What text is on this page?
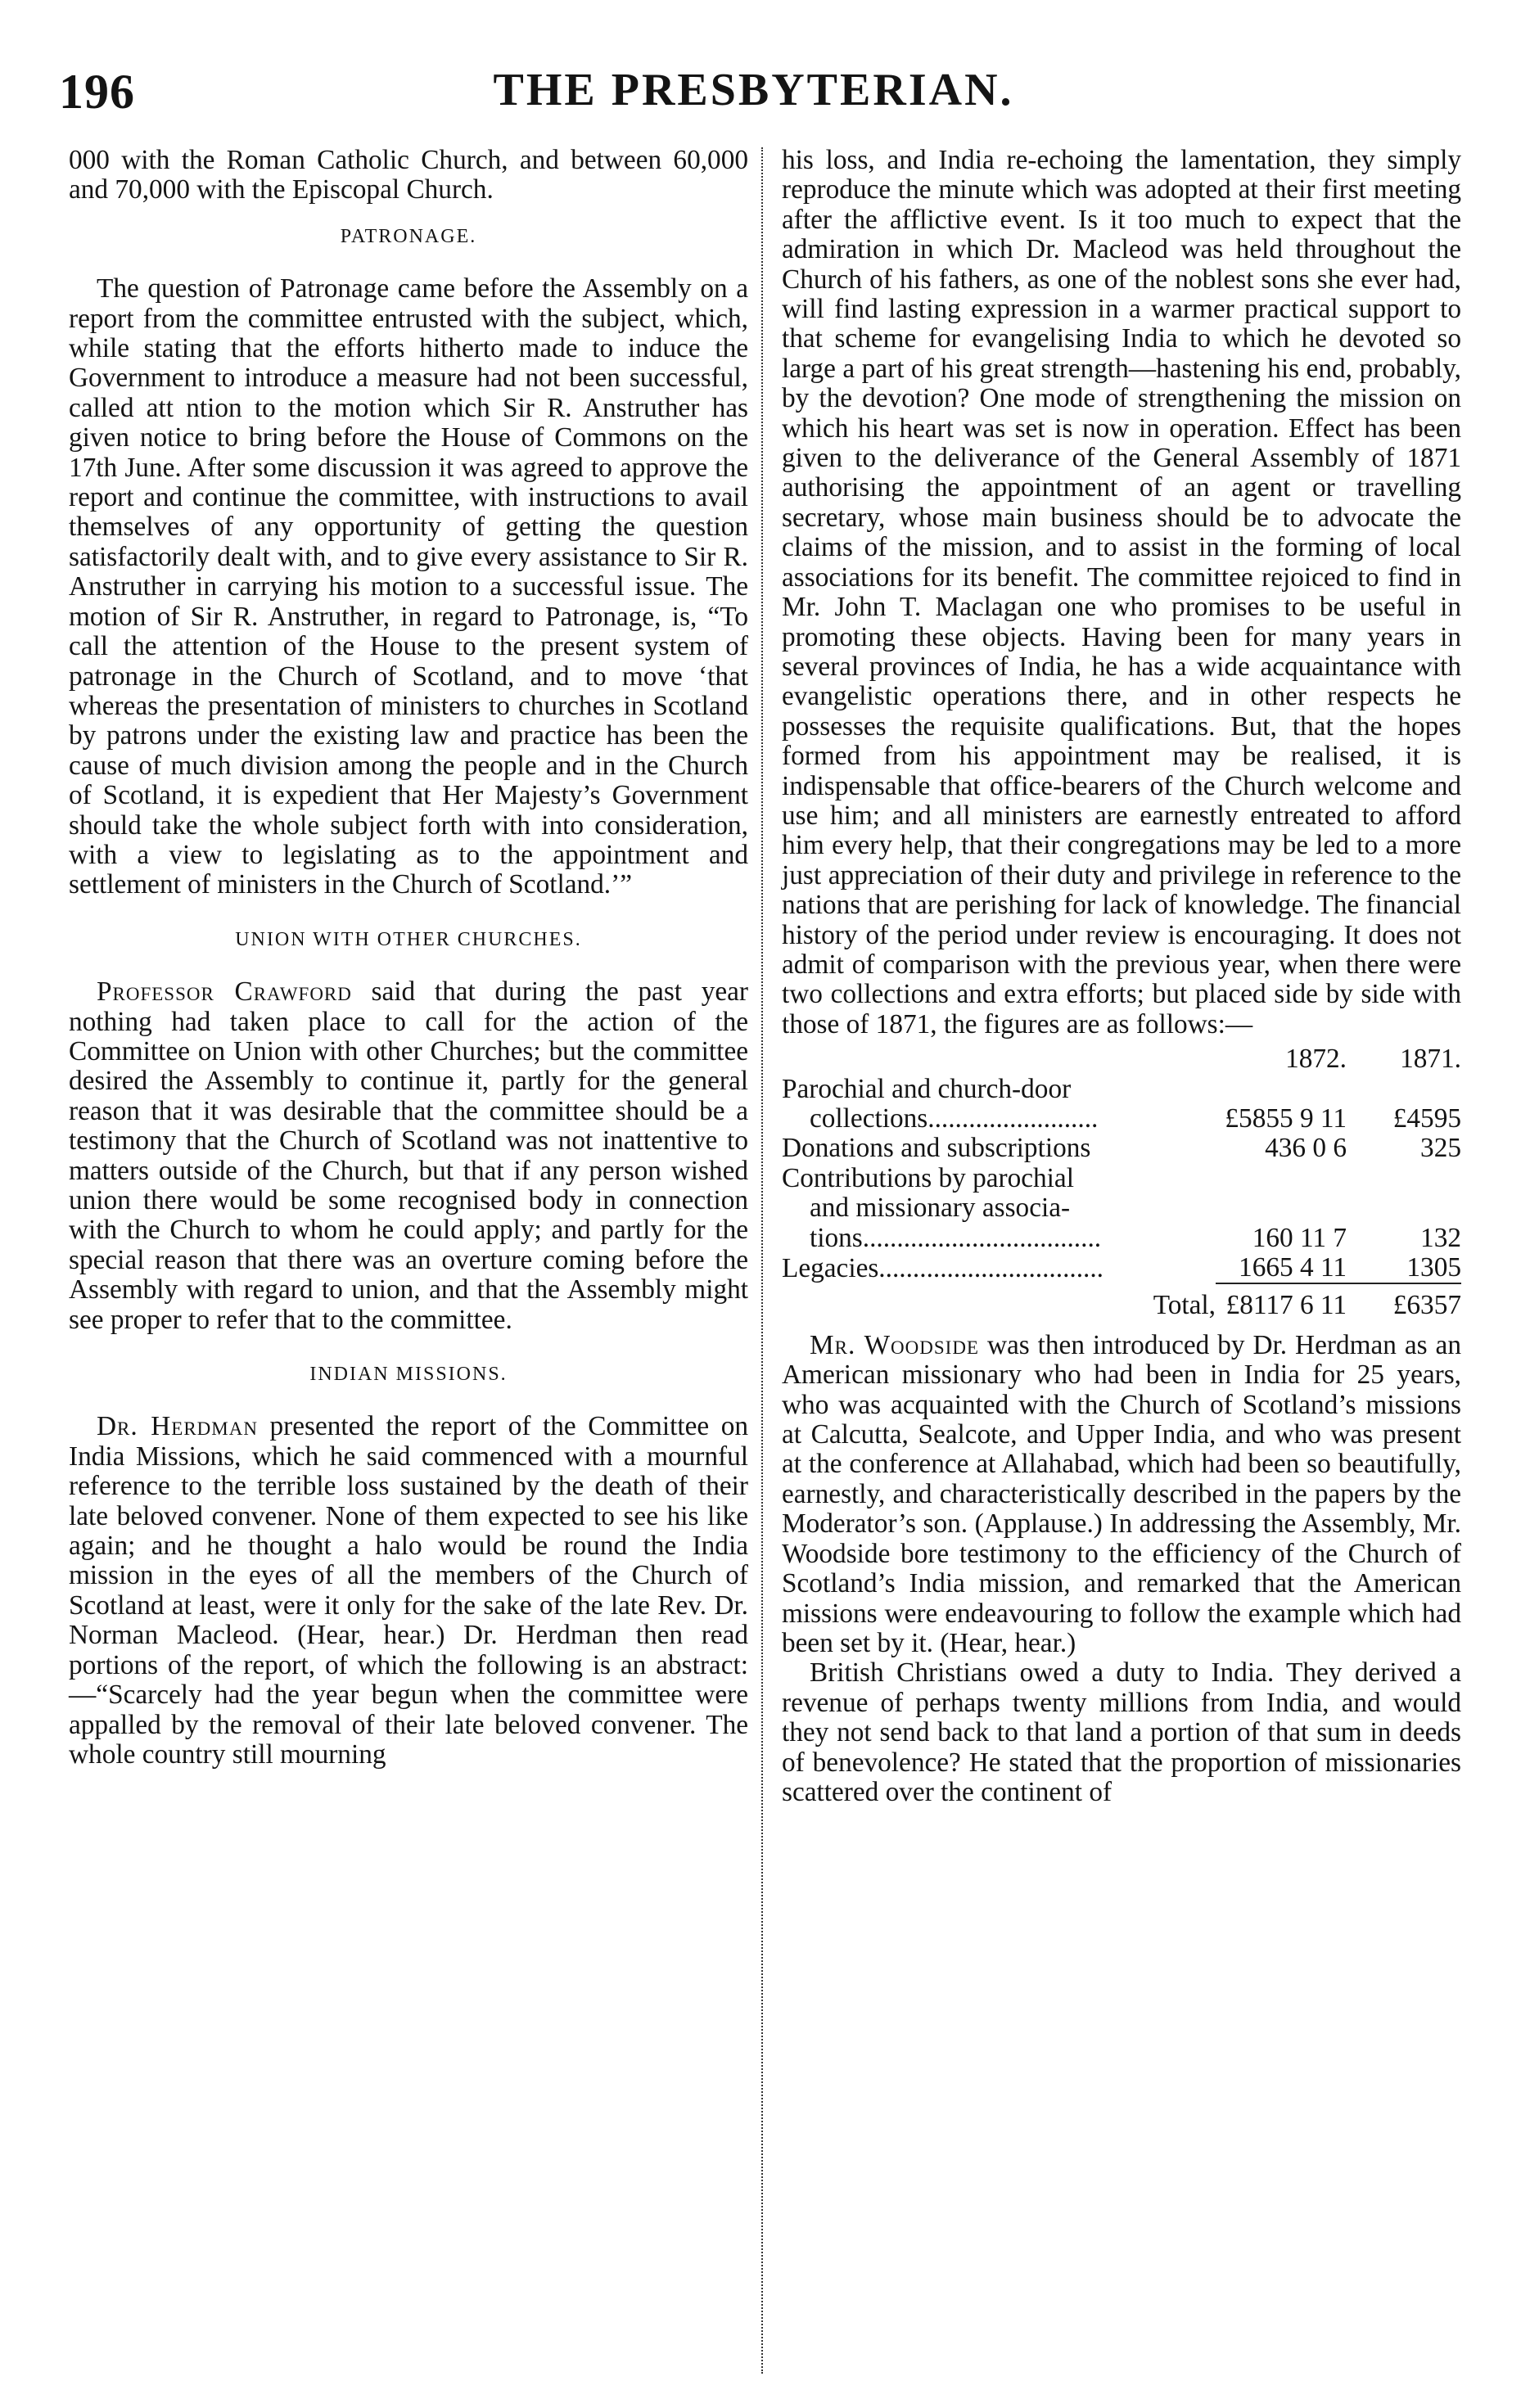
196	THE PRESBYTERIAN.

000 with the Roman Catholic Church, and between 60,000 and 70,000 with the Episcopal Church.

PATRONAGE.

The question of Patronage came before the Assembly on a report from the committee entrusted with the subject, which, while stating that the efforts hitherto made to induce the Government to introduce a measure had not been successful, called att ntion to the motion which Sir R. Anstruther has given notice to bring before the House of Commons on the 17th June. After some discussion it was agreed to approve the report and continue the committee, with instructions to avail themselves of any opportunity of getting the question satisfactorily dealt with, and to give every assistance to Sir R. Anstruther in carrying his motion to a successful issue. The motion of Sir R. Anstruther, in regard to Patronage, is, “To call the attention of the House to the present system of patronage in the Church of Scotland, and to move ‘that whereas the presentation of ministers to churches in Scotland by patrons under the existing law and practice has been the cause of much division among the people and in the Church of Scotland, it is expedient that Her Majesty’s Government should take the whole subject forth with into consideration, with a view to legislating as to the appointment and settlement of ministers in the Church of Scotland.’”

UNION WITH OTHER CHURCHES.

Professor Crawford said that during the past year nothing had taken place to call for the action of the Committee on Union with other Churches; but the committee desired the Assembly to continue it, partly for the general reason that it was desirable that the committee should be a testimony that the Church of Scotland was not inattentive to matters outside of the Church, but that if any person wished union there would be some recognised body in connection with the Church to whom he could apply; and partly for the special reason that there was an overture coming before the Assembly with regard to union, and that the Assembly might see proper to refer that to the committee.

INDIAN MISSIONS.

Dr. Herdman presented the report of the Committee on India Missions, which he said commenced with a mournful reference to the terrible loss sustained by the death of their late beloved convener. None of them expected to see his like again; and he thought a halo would be round the India mission in the eyes of all the members of the Church of Scotland at least, were it only for the sake of the late Rev. Dr. Norman Macleod. (Hear, hear.) Dr. Herdman then read portions of the report, of which the following is an abstract:—“Scarcely had the year begun when the committee were appalled by the removal of their late beloved convener. The whole country still mourning

his loss, and India re-echoing the lamentation, they simply reproduce the minute which was adopted at their first meeting after the afflictive event. Is it too much to expect that the admiration in which Dr. Macleod was held throughout the Church of his fathers, as one of the noblest sons she ever had, will find lasting expression in a warmer practical support to that scheme for evangelising India to which he devoted so large a part of his great strength—hastening his end, probably, by the devotion? One mode of strengthening the mission on which his heart was set is now in operation. Effect has been given to the deliverance of the General Assembly of 1871 authorising the appointment of an agent or travelling secretary, whose main business should be to advocate the claims of the mission, and to assist in the forming of local associations for its benefit. The committee rejoiced to find in Mr. John T. Maclagan one who promises to be useful in promoting these objects. Having been for many years in several provinces of India, he has a wide acquaintance with evangelistic operations there, and in other respects he possesses the requisite qualifications. But, that the hopes formed from his appointment may be realised, it is indispensable that office-bearers of the Church welcome and use him; and all ministers are earnestly entreated to afford him every help, that their congregations may be led to a more just appreciation of their duty and privilege in reference to the nations that are perishing for lack of knowledge. The financial history of the period under review is encouraging. It does not admit of comparison with the previous year, when there were two collections and extra efforts; but placed side by side with those of 1871, the figures are as follows:—

	1872.	1871.
Parochial and church-door		
collections.........................	£5855 9 11	£4595
Donations and subscriptions	436 0 6	325
Contributions by parochial		
and missionary associa-		
tions...................................	160 11 7	132
Legacies.................................	1665 4 11	1305

Total,	£8117 6 11	£6357

Mr. Woodside was then introduced by Dr. Herdman as an American missionary who had been in India for 25 years, who was acquainted with the Church of Scotland’s missions at Calcutta, Sealcote, and Upper India, and who was present at the conference at Allahabad, which had been so beautifully, earnestly, and characteristically described in the papers by the Moderator’s son. (Applause.) In addressing the Assembly, Mr. Woodside bore testimony to the efficiency of the Church of Scotland’s India mission, and remarked that the American missions were endeavouring to follow the example which had been set by it. (Hear, hear.)

British Christians owed a duty to India. They derived a revenue of perhaps twenty millions from India, and would they not send back to that land a portion of that sum in deeds of benevolence? He stated that the proportion of missionaries scattered over the continent of
